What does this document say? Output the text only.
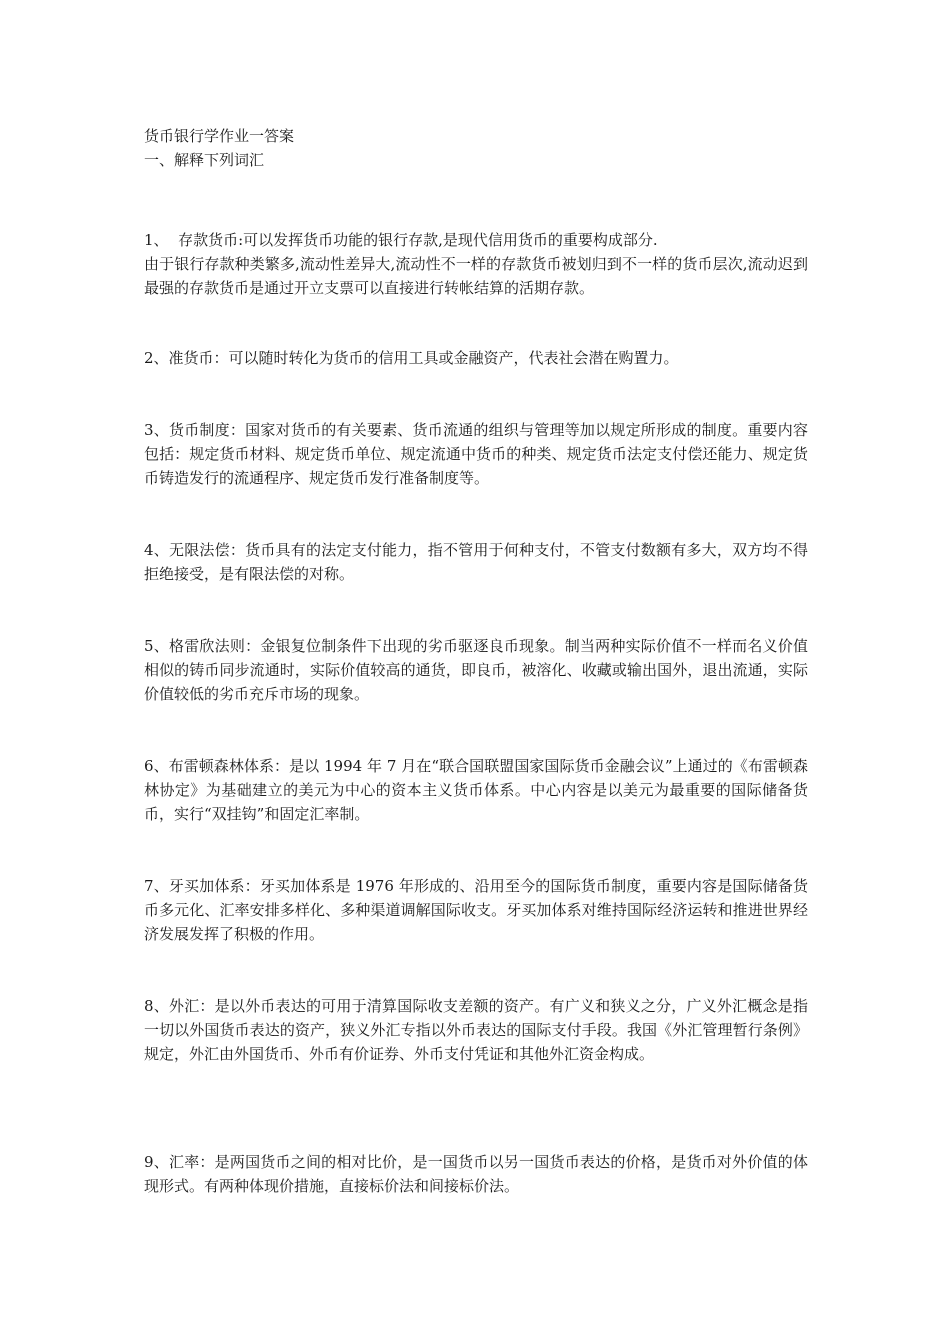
货币银行学作业一答案
一、解释下列词汇

1、  存款货币:可以发挥货币功能的银行存款,是现代信用货币的重要构成部分.

由于银行存款种类繁多,流动性差异大,流动性不一样的存款货币被划归到不一样的货币层次,流动迟到最强的存款货币是通过开立支票可以直接进行转帐结算的活期存款。

2、准货币：可以随时转化为货币的信用工具或金融资产，代表社会潜在购置力。

3、货币制度：国家对货币的有关要素、货币流通的组织与管理等加以规定所形成的制度。重要内容包括：规定货币材料、规定货币单位、规定流通中货币的种类、规定货币法定支付偿还能力、规定货币铸造发行的流通程序、规定货币发行准备制度等。

4、无限法偿：货币具有的法定支付能力，指不管用于何种支付，不管支付数额有多大，双方均不得拒绝接受，是有限法偿的对称。

5、格雷欣法则：金银复位制条件下出现的劣币驱逐良币现象。制当两种实际价值不一样而名义价值相似的铸币同步流通时，实际价值较高的通货，即良币，被溶化、收藏或输出国外，退出流通，实际价值较低的劣币充斥市场的现象。

6、布雷顿森林体系：是以 1994 年 7 月在“联合国联盟国家国际货币金融会议”上通过的《布雷顿森林协定》为基础建立的美元为中心的资本主义货币体系。中心内容是以美元为最重要的国际储备货币，实行“双挂钩”和固定汇率制。

7、牙买加体系：牙买加体系是 1976 年形成的、沿用至今的国际货币制度，重要内容是国际储备货币多元化、汇率安排多样化、多种渠道调解国际收支。牙买加体系对维持国际经济运转和推进世界经济发展发挥了积极的作用。

8、外汇：是以外币表达的可用于清算国际收支差额的资产。有广义和狭义之分，广义外汇概念是指一切以外国货币表达的资产，狭义外汇专指以外币表达的国际支付手段。我国《外汇管理暂行条例》规定，外汇由外国货币、外币有价证券、外币支付凭证和其他外汇资金构成。

9、汇率：是两国货币之间的相对比价，是一国货币以另一国货币表达的价格，是货币对外价值的体现形式。有两种体现价措施，直接标价法和间接标价法。
